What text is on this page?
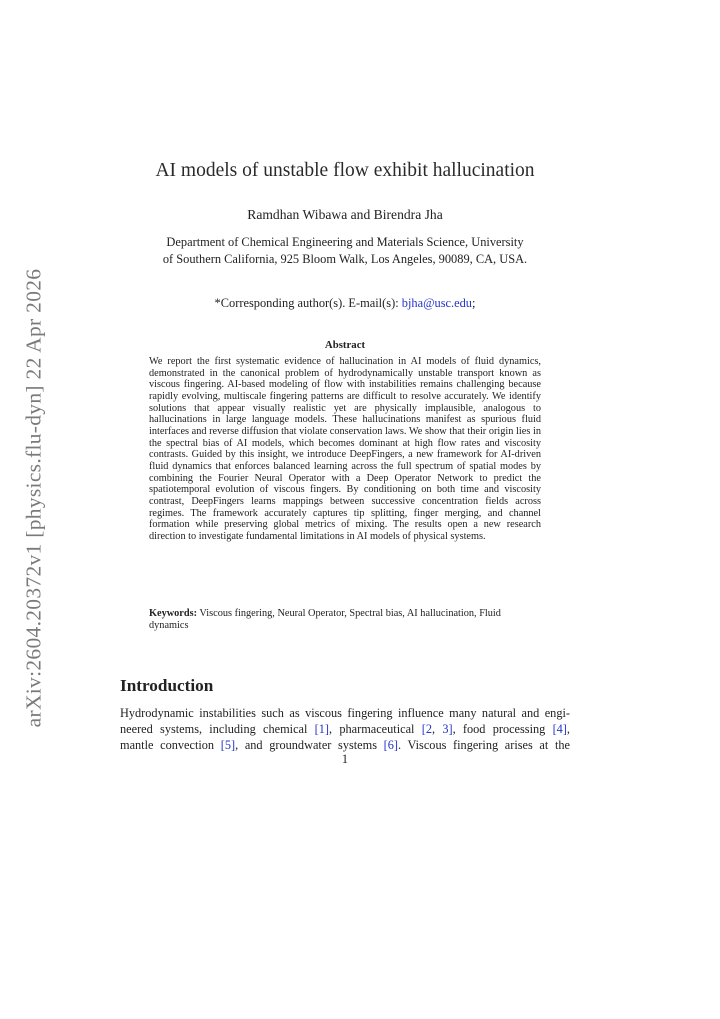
arXiv:2604.20372v1 [physics.flu-dyn] 22 Apr 2026
AI models of unstable flow exhibit hallucination
Ramdhan Wibawa and Birendra Jha
Department of Chemical Engineering and Materials Science, University
of Southern California, 925 Bloom Walk, Los Angeles, 90089, CA, USA.
*Corresponding author(s). E-mail(s): bjha@usc.edu;
Abstract
We report the first systematic evidence of hallucination in AI models of fluid dynamics, demonstrated in the canonical problem of hydrodynamically unstable transport known as viscous fingering. AI-based modeling of flow with instabilities remains challenging because rapidly evolving, multiscale fingering patterns are difficult to resolve accurately. We identify solutions that appear visually realistic yet are physically implausible, analogous to hallucinations in large language models. These hallucinations manifest as spurious fluid interfaces and reverse diffusion that violate conservation laws. We show that their origin lies in the spectral bias of AI models, which becomes dominant at high flow rates and viscosity contrasts. Guided by this insight, we introduce DeepFingers, a new framework for AI-driven fluid dynamics that enforces balanced learning across the full spectrum of spatial modes by combining the Fourier Neural Operator with a Deep Operator Network to predict the spatiotemporal evolution of viscous fingers. By conditioning on both time and viscosity contrast, DeepFingers learns mappings between successive concentration fields across regimes. The framework accurately captures tip splitting, finger merging, and channel formation while preserving global metrics of mixing. The results open a new research direction to investigate fundamental limitations in AI models of physical systems.
Keywords: Viscous fingering, Neural Operator, Spectral bias, AI hallucination, Fluid dynamics
Introduction
Hydrodynamic instabilities such as viscous fingering influence many natural and engi-
neered systems, including chemical [1], pharmaceutical [2, 3], food processing [4],
mantle convection [5], and groundwater systems [6]. Viscous fingering arises at the
1
